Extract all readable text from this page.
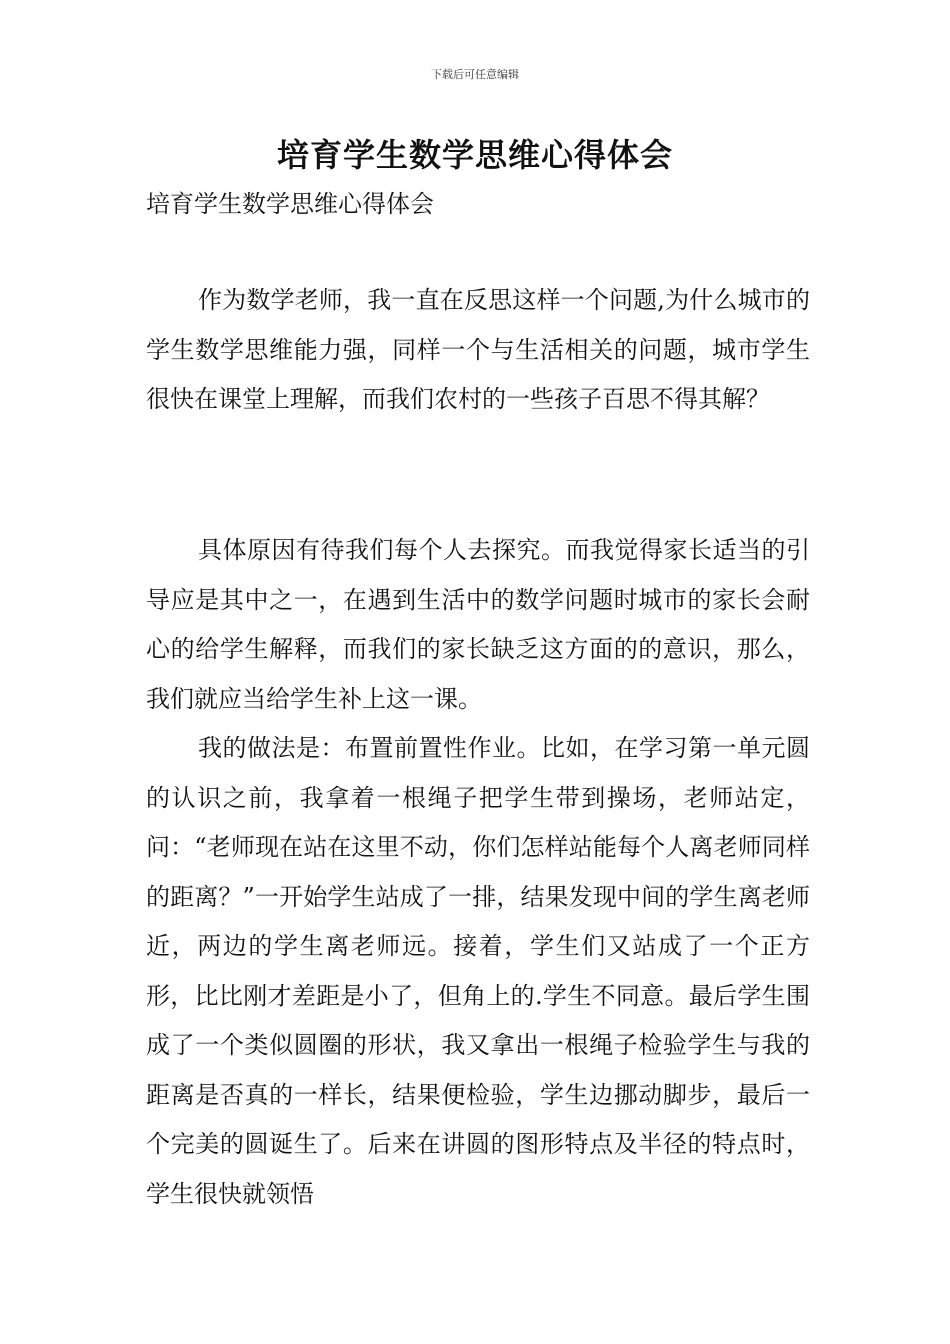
下载后可任意编辑
培育学生数学思维心得体会

培育学生数学思维心得体会

作为数学老师，我一直在反思这样一个问题,为什么城市的学生数学思维能力强，同样一个与生活相关的问题，城市学生很快在课堂上理解，而我们农村的一些孩子百思不得其解？

具体原因有待我们每个人去探究。而我觉得家长适当的引导应是其中之一，在遇到生活中的数学问题时城市的家长会耐心的给学生解释，而我们的家长缺乏这方面的的意识，那么，我们就应当给学生补上这一课。

我的做法是：布置前置性作业。比如，在学习第一单元圆的认识之前，我拿着一根绳子把学生带到操场，老师站定，问：“老师现在站在这里不动，你们怎样站能每个人离老师同样的距离？”一开始学生站成了一排，结果发现中间的学生离老师近，两边的学生离老师远。接着，学生们又站成了一个正方形，比比刚才差距是小了，但角上的.学生不同意。最后学生围成了一个类似圆圈的形状，我又拿出一根绳子检验学生与我的距离是否真的一样长，结果便检验，学生边挪动脚步，最后一个完美的圆诞生了。后来在讲圆的图形特点及半径的特点时，学生很快就领悟
